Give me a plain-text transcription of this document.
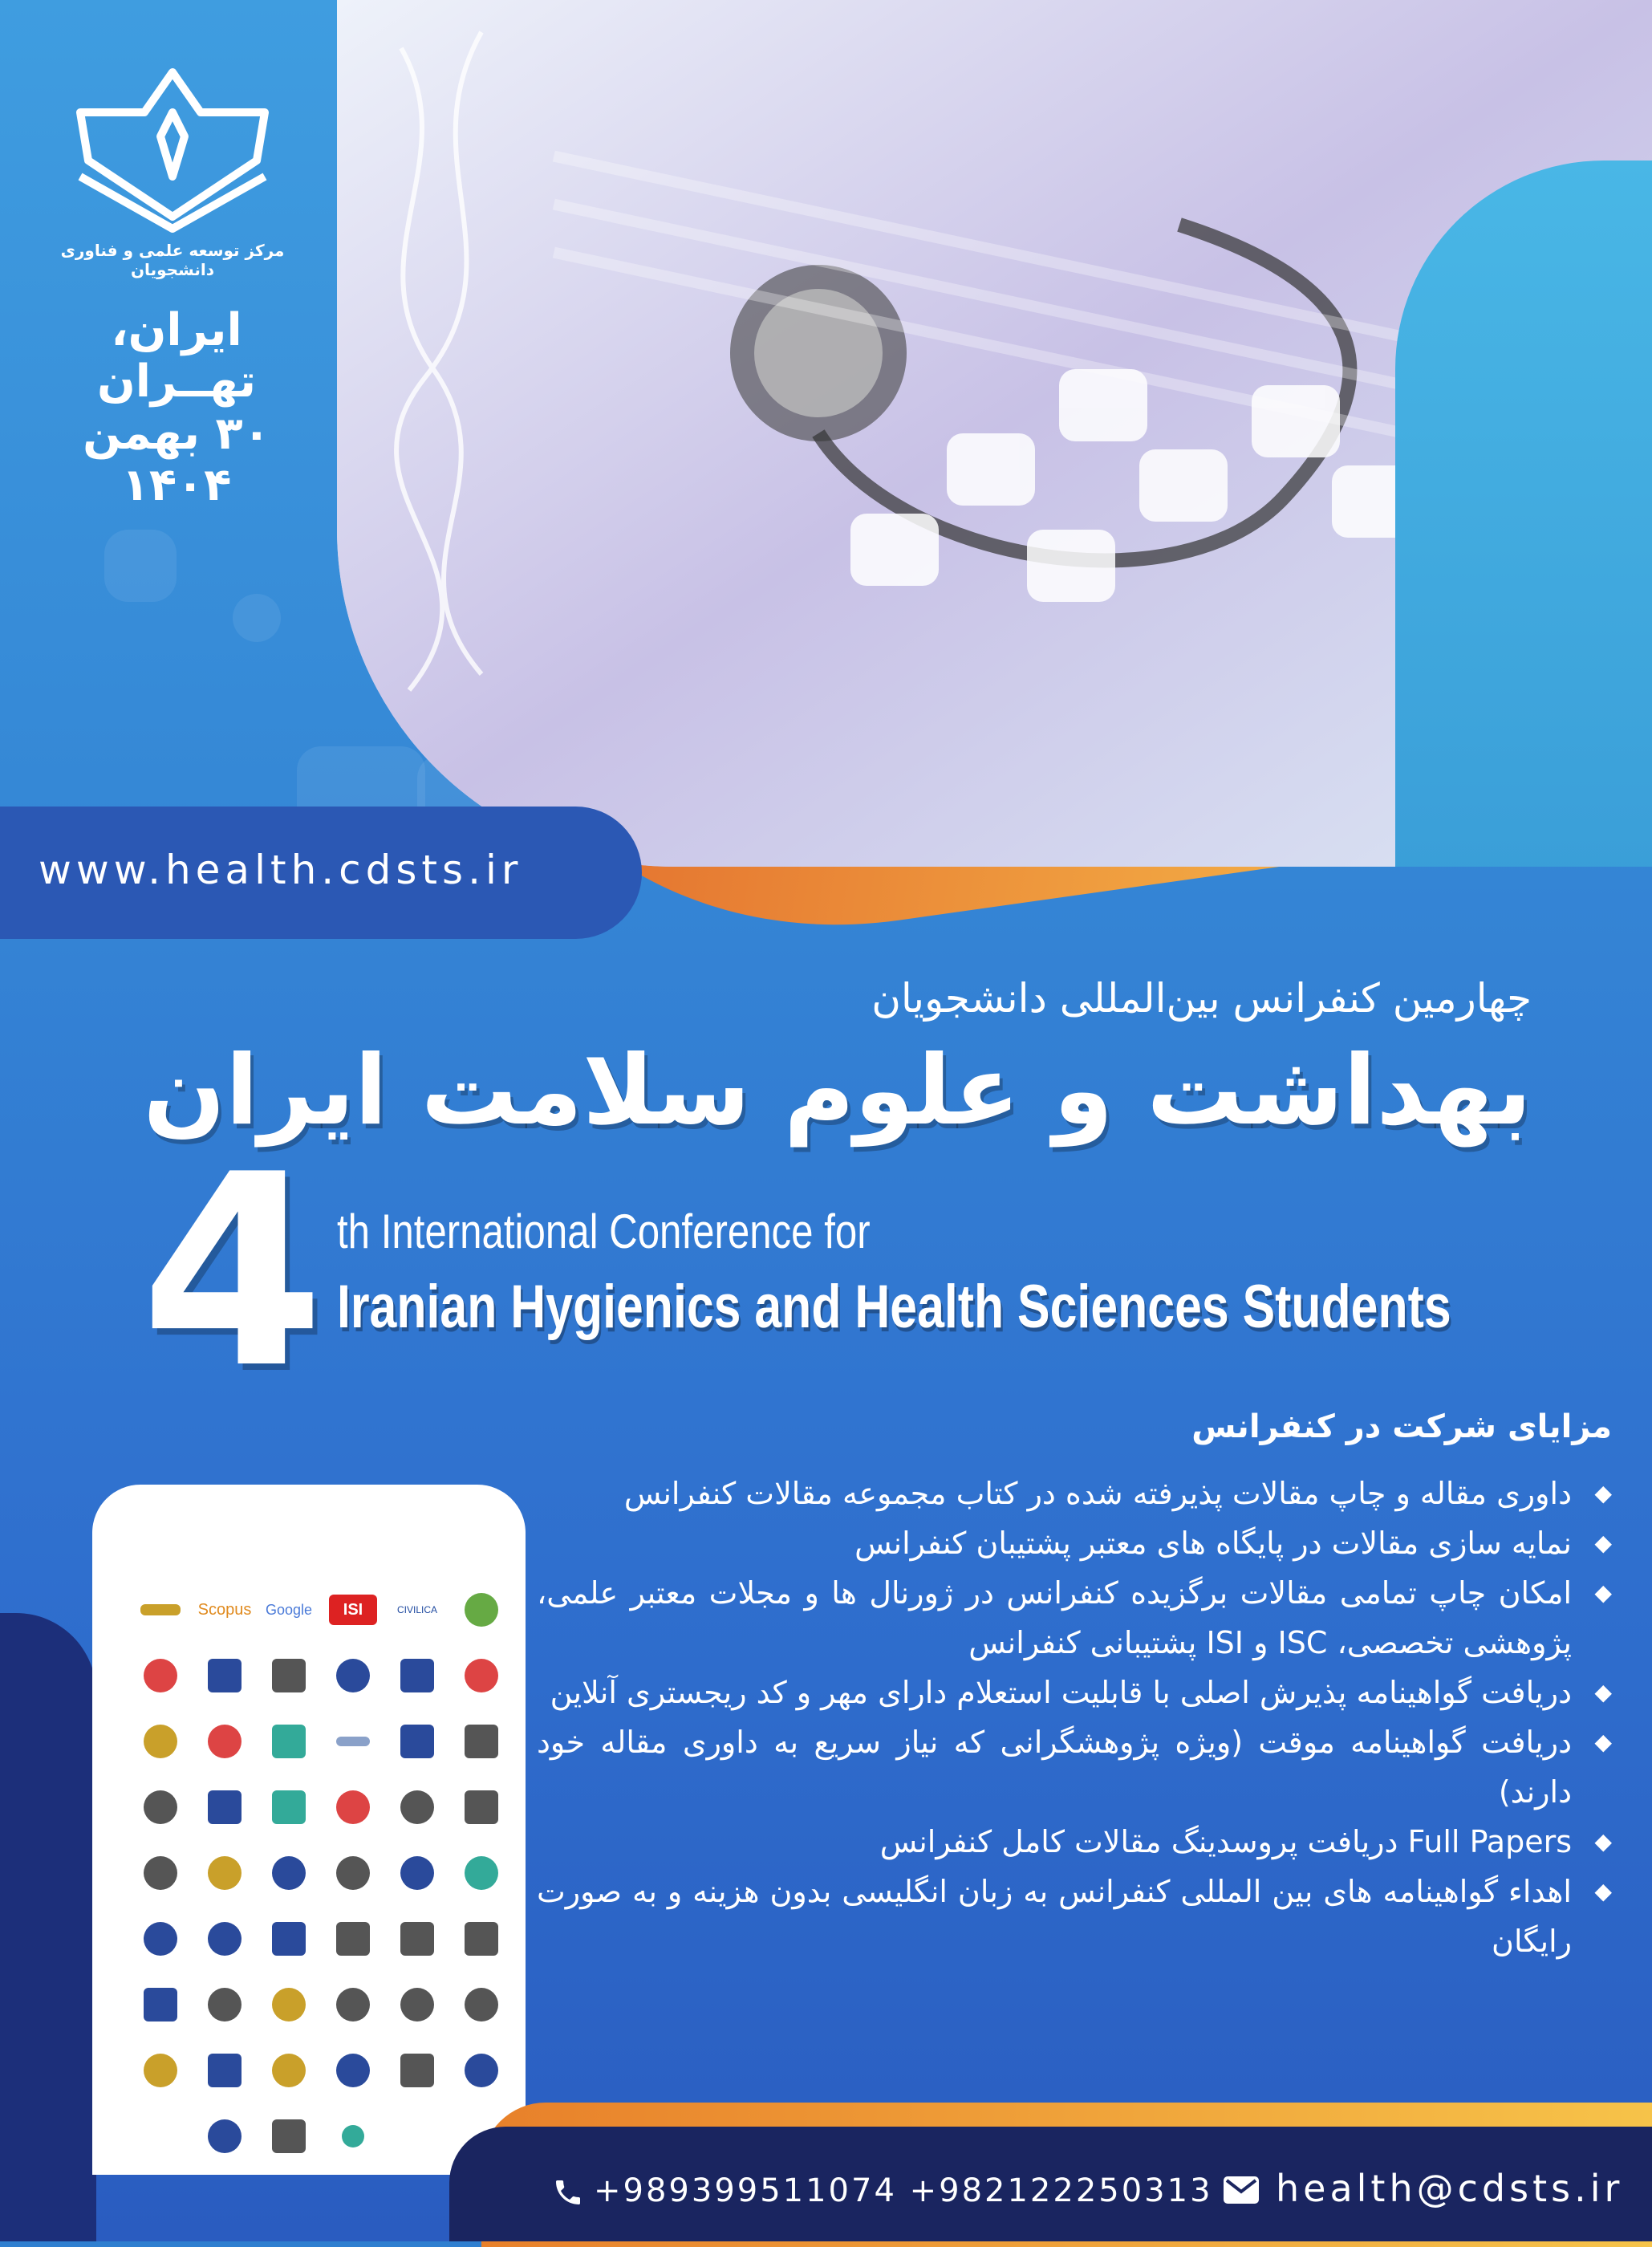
مرکز توسعه علمی و فناوری دانشجویان
ایران، تهــران
۳۰ بهمن ۱۴۰۴
www.health.cdsts.ir
چهارمین کنفرانس بین‌المللی دانشجویان
بهداشت و علوم سلامت ایران
4 th International Conference for
Iranian Hygienics and Health Sciences Students
مزایای شرکت در کنفرانس
◆ داوری مقاله و چاپ مقالات پذیرفته شده در کتاب مجموعه مقالات کنفرانس
◆ نمایه سازی مقالات در پایگاه های معتبر پشتیبان کنفرانس
◆ امکان چاپ تمامی مقالات برگزیده کنفرانس در ژورنال ها و مجلات معتبر علمی، پژوهشی تخصصی، ISC و ISI پشتیبانی کنفرانس
◆ دریافت گواهینامه پذیرش اصلی با قابلیت استعلام دارای مهر و کد ریجستری آنلاین
◆ دریافت گواهینامه موقت (ویژه پژوهشگرانی که نیاز سریع به داوری مقاله خود دارند)
◆ Full Papers دریافت پروسدینگ مقالات کامل کنفرانس
◆ اهداء گواهینامه های بین المللی کنفرانس به زبان انگلیسی بدون هزینه و به صورت رایگان
Scopus Google	ISI	CIVILICA
+989399511074 +982122250313 health@cdsts.ir
